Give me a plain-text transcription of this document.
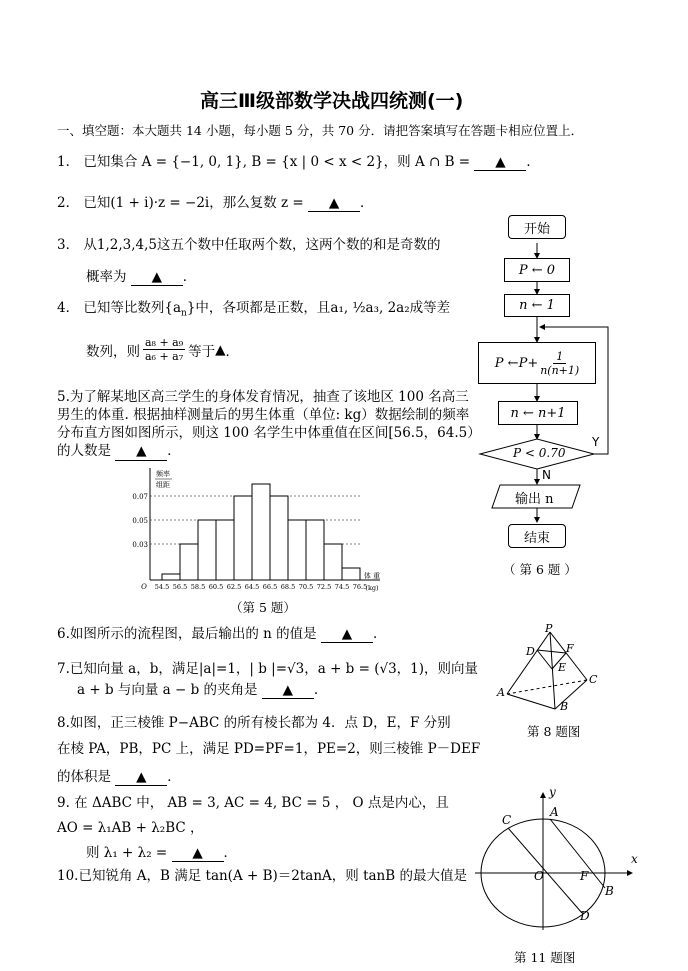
高三Ⅲ级部数学决战四统测(一)
一、填空题：本大题共 14 小题，每小题 5 分，共 70 分．请把答案填写在答题卡相应位置上．
1． 已知集合 A = {−1, 0, 1}, B = {x | 0 < x < 2}，则 A ∩ B = ▲ ．
2． 已知(1 + i)·z = −2i，那么复数 z = ▲ ．
3． 从1,2,3,4,5这五个数中任取两个数，这两个数的和是奇数的
概率为 ▲ ．
4． 已知等比数列$\{a_n\}$中，各项都是正数，且a₁, ½a₃, 2a₂成等差
数列，则
a₈ + a₉
a₆ + a₇ 等于 ▲ ．
5.为了解某地区高三学生的身体发育情况，抽查了该地区 100 名高三男生的体重. 根据抽样测量后的男生体重（单位: kg）数据绘制的频率分布直方图如图所示，则这 100 名学生中体重值在区间[56.5，64.5）的人数是 ▲ ．
0.03
0.05
0.07
54.5 56.5 58.5 60.5 62.5 64.5 66.5 68.5 70.5 72.5 74.5 76.5
O
频率
组距
体 重
(kg)
（第 5 题）
6.如图所示的流程图，最后输出的 n 的值是 ▲ ．
7.已知向量 a，b，满足|a|=1，| b |=√3，a + b = (√3，1)，则向量
a + b 与向量 a − b 的夹角是 ▲ ．
8.如图，正三棱锥 P−ABC 的所有棱长都为 4．点 D，E，F 分别
在棱 PA，PB，PC 上，满足 PD=PF=1，PE=2，则三棱锥 P－DEF
的体积是 ▲ ．
9. 在 ΔABC 中， AB = 3, AC = 4, BC = 5 ， O 点是内心，且
AO = λ₁AB + λ₂BC ，
则 λ₁ + λ₂ = ▲ ．
10.已知锐角 A，B 满足 tan(A + B)＝2tanA，则 tanB 的最大值是
开始
P ← 0
n ← 1
P ←P+ $\frac{1}{n(n+1)}$
n ← n+1
P < 0.70
Y
N
输出 n
结束
（ 第 6 题 ）
P
D	F
E
A
C
B
第 8 题图
y
A
C
x
O	F
B
D
第 11 题图
